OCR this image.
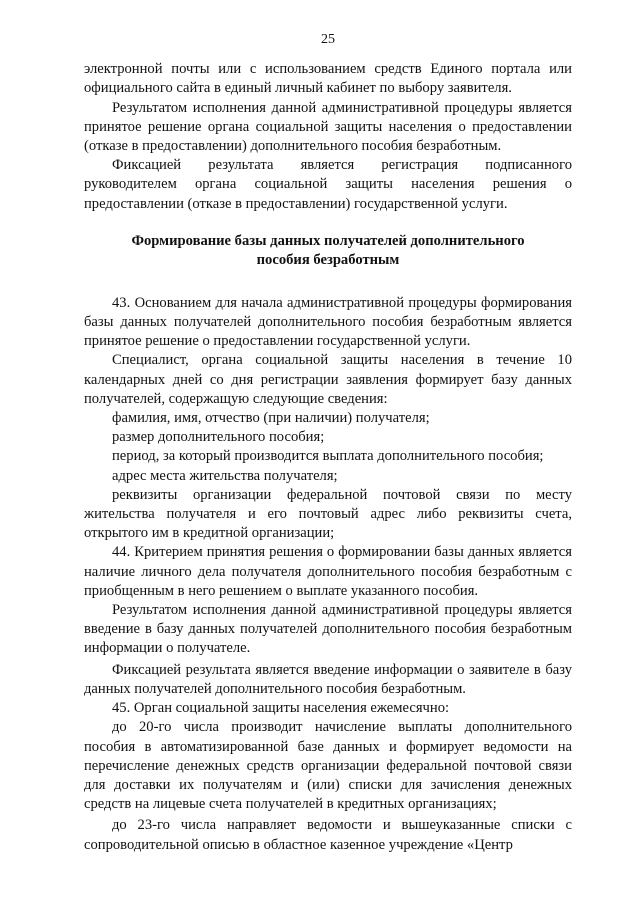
25

электронной почты или с использованием средств Единого портала или официального сайта в единый личный кабинет по выбору заявителя.

Результатом исполнения данной административной процедуры является принятое решение органа социальной защиты населения о предоставлении (отказе в предоставлении) дополнительного пособия безработным.

Фиксацией результата является регистрация подписанного руководителем органа социальной защиты населения решения о предоставлении (отказе в предоставлении) государственной услуги.

Формирование базы данных получателей дополнительного пособия безработным

43. Основанием для начала административной процедуры формирования базы данных получателей дополнительного пособия безработным является принятое решение о предоставлении государственной услуги.

Специалист, органа социальной защиты населения в течение 10 календарных дней со дня регистрации заявления формирует базу данных получателей, содержащую следующие сведения:

фамилия, имя, отчество (при наличии) получателя;

размер дополнительного пособия;

период, за который производится выплата дополнительного пособия;

адрес места жительства получателя;

реквизиты организации федеральной почтовой связи по месту жительства получателя и его почтовый адрес либо реквизиты счета, открытого им в кредитной организации;

44. Критерием принятия решения о формировании базы данных является наличие личного дела получателя дополнительного пособия безработным с приобщенным в него решением о выплате указанного пособия.

Результатом исполнения данной административной процедуры является введение в базу данных получателей дополнительного пособия безработным информации о получателе.

Фиксацией результата является введение информации о заявителе в базу данных получателей дополнительного пособия безработным.

45. Орган социальной защиты населения ежемесячно:

до 20-го числа производит начисление выплаты дополнительного пособия в автоматизированной базе данных и формирует ведомости на перечисление денежных средств организации федеральной почтовой связи для доставки их получателям и (или) списки для зачисления денежных средств на лицевые счета получателей в кредитных организациях;

до 23-го числа направляет ведомости и вышеуказанные списки с сопроводительной описью в областное казенное учреждение «Центр
